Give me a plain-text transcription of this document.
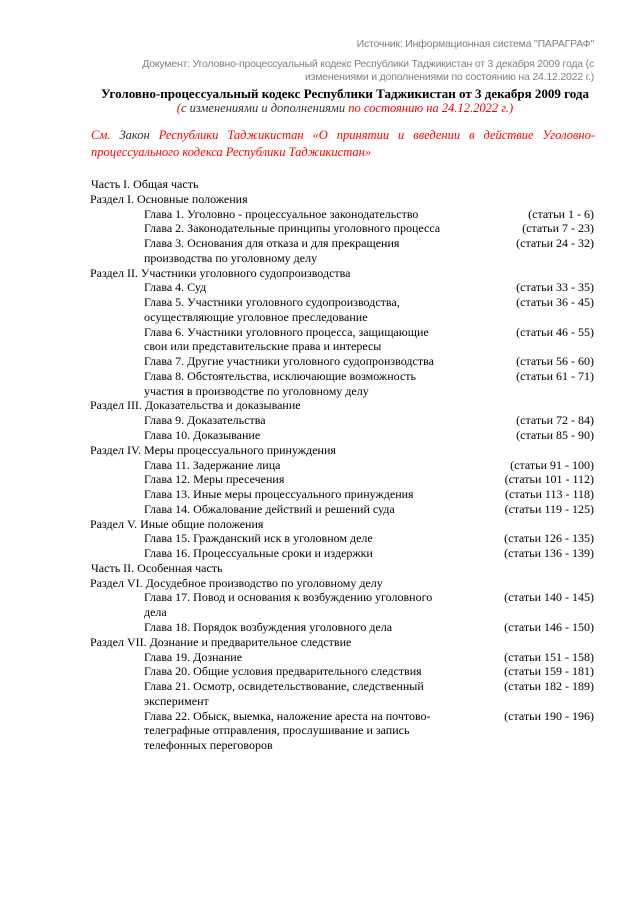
Источник: Информационная система "ПАРАГРАФ"
Документ: Уголовно-процессуальный кодекс Республики Таджикистан от 3 декабря 2009 года (с изменениями и дополнениями по состоянию на 24.12.2022 г.)
Уголовно-процессуальный кодекс Республики Таджикистан от 3 декабря 2009 года
(с изменениями и дополнениями по состоянию на 24.12.2022 г.)
См. Закон Республики Таджикистан «О принятии и введении в действие Уголовно-процессуального кодекса Республики Таджикистан»
Часть I. Общая часть
Раздел I. Основные положения
Глава 1. Уголовно - процессуальное законодательство	(статьи 1 - 6)
Глава 2. Законодательные принципы уголовного процесса	(статьи 7 - 23)
Глава 3. Основания для отказа и для прекращения производства по уголовному делу
(статьи 24 - 32)
Раздел II. Участники уголовного судопроизводства
Глава 4. Суд	(статьи 33 - 35)
Глава 5. Участники уголовного судопроизводства, осуществляющие уголовное преследование
(статьи 36 - 45)
Глава 6. Участники уголовного процесса, защищающие свои или представительские права и интересы
(статьи 46 - 55)
Глава 7. Другие участники уголовного судопроизводства	(статьи 56 - 60)
Глава 8. Обстоятельства, исключающие возможность участия в производстве по уголовному делу
(статьи 61 - 71)
Раздел III. Доказательства и доказывание
Глава 9. Доказательства	(статьи 72 - 84)
Глава 10. Доказывание	(статьи 85 - 90)
Раздел IV. Меры процессуального принуждения
Глава 11. Задержание лица	(статьи 91 - 100)
Глава 12. Меры пресечения	(статьи 101 - 112)
Глава 13. Иные меры процессуального принуждения	(статьи 113 - 118)
Глава 14. Обжалование действий и решений суда	(статьи 119 - 125)
Раздел V. Иные общие положения
Глава 15. Гражданский иск в уголовном деле	(статьи 126 - 135)
Глава 16. Процессуальные сроки и издержки	(статьи 136 - 139)
Часть II. Особенная часть
Раздел VI. Досудебное производство по уголовному делу
Глава 17. Повод и основания к возбуждению уголовного дела
(статьи 140 - 145)
Глава 18. Порядок возбуждения уголовного дела	(статьи 146 - 150)
Раздел VII. Дознание и предварительное следствие
Глава 19. Дознание	(статьи 151 - 158)
Глава 20. Общие условия предварительного следствия	(статьи 159 - 181)
Глава 21. Осмотр, освидетельствование, следственный эксперимент
(статьи 182 - 189)
Глава 22. Обыск, выемка, наложение ареста на почтово-телеграфные отправления, прослушивание и запись телефонных переговоров
(статьи 190 - 196)
